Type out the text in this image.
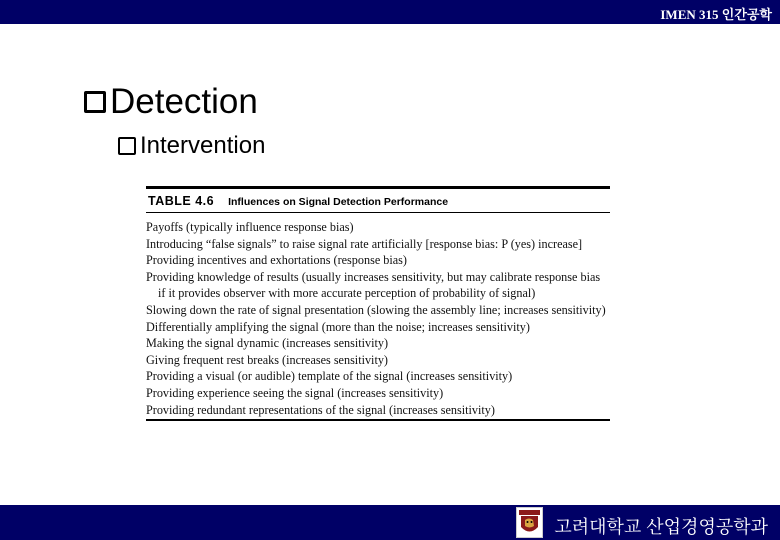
IMEN 315 인간공학
Detection
Intervention
TABLE 4.6 Influences on Signal Detection Performance
Payoffs (typically influence response bias)
Introducing “false signals” to raise signal rate artificially [response bias: P (yes) increase]
Providing incentives and exhortations (response bias)
Providing knowledge of results (usually increases sensitivity, but may calibrate response bias if it provides observer with more accurate perception of probability of signal)
Slowing down the rate of signal presentation (slowing the assembly line; increases sensitivity)
Differentially amplifying the signal (more than the noise; increases sensitivity)
Making the signal dynamic (increases sensitivity)
Giving frequent rest breaks (increases sensitivity)
Providing a visual (or audible) template of the signal (increases sensitivity)
Providing experience seeing the signal (increases sensitivity)
Providing redundant representations of the signal (increases sensitivity)
고려대학교 산업경영공학과
